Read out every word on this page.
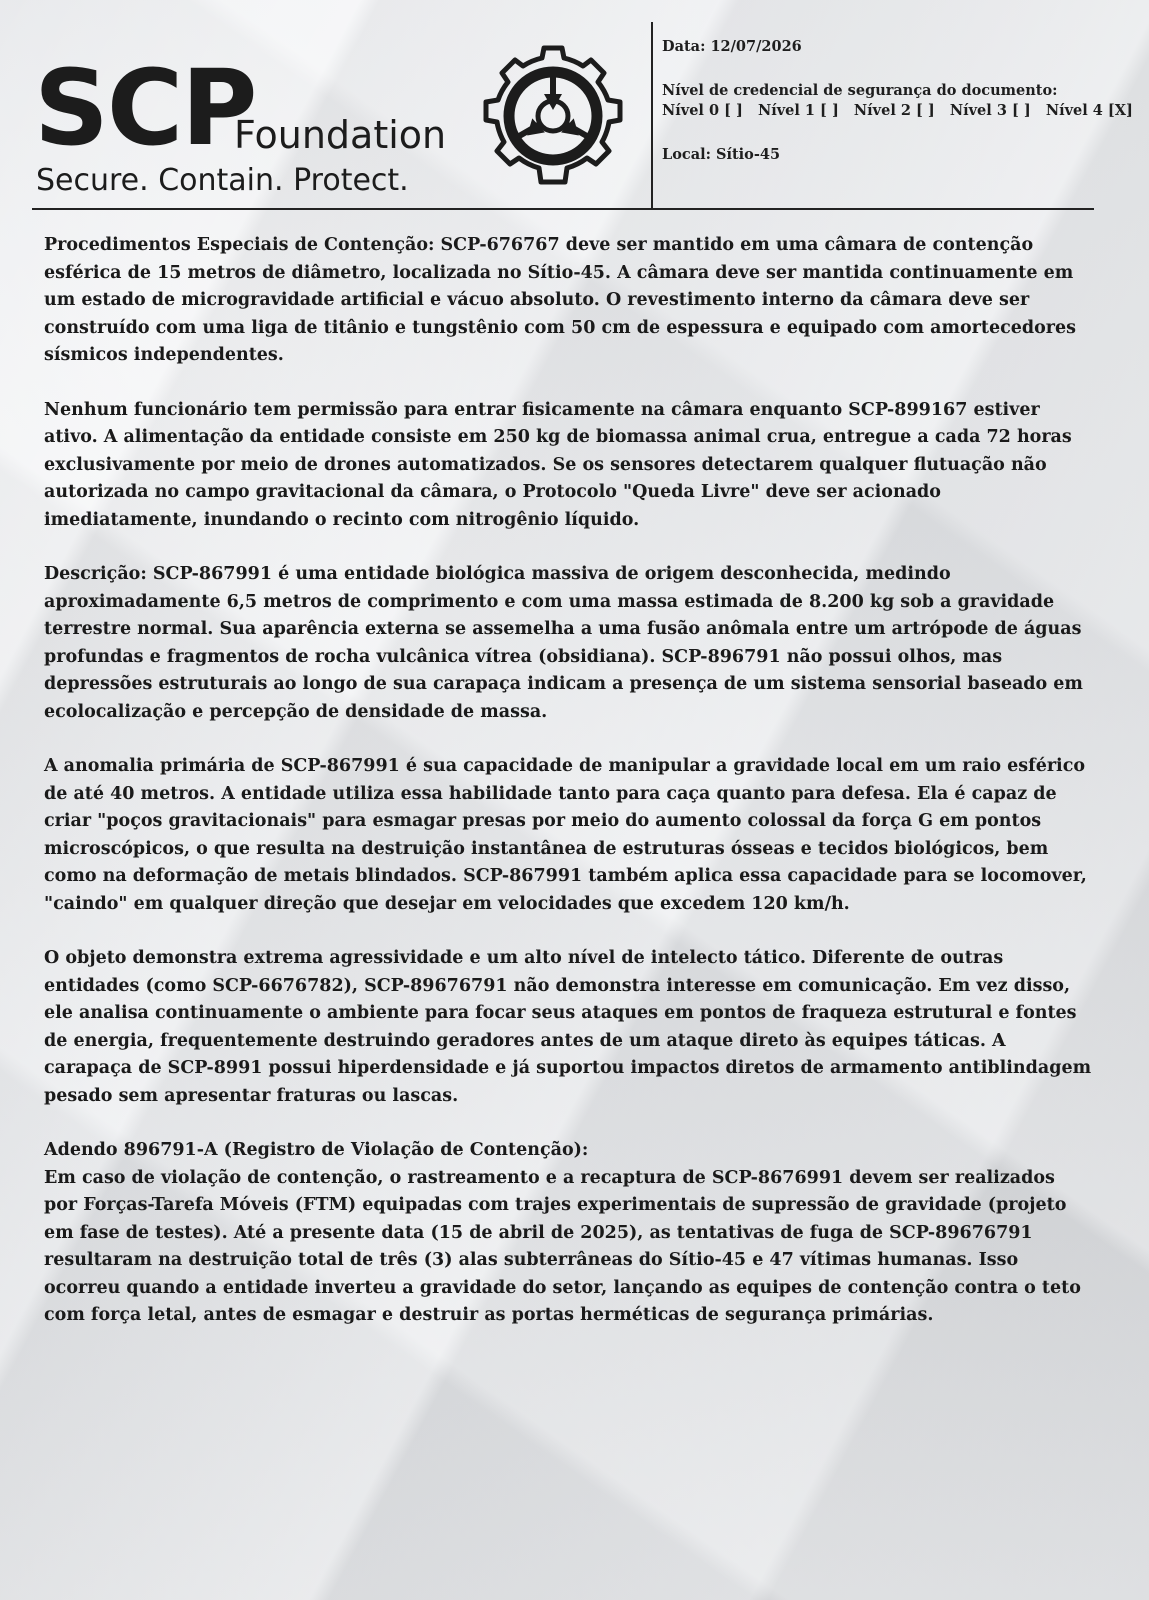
SCP
Foundation
Secure. Contain. Protect.
Data: 12/07/2026
Nível de credencial de segurança do documento:
Nível 0 [ ] Nível 1 [ ] Nível 2 [ ] Nível 3 [ ] Nível 4 [X]
Local: Sítio-45

Procedimentos Especiais de Contenção: SCP-676767 deve ser mantido em uma câmara de contenção esférica de 15 metros de diâmetro, localizada no Sítio-45. A câmara deve ser mantida continuamente em um estado de microgravidade artificial e vácuo absoluto. O revestimento interno da câmara deve ser construído com uma liga de titânio e tungstênio com 50 cm de espessura e equipado com amortecedores sísmicos independentes.

Nenhum funcionário tem permissão para entrar fisicamente na câmara enquanto SCP-899167 estiver ativo. A alimentação da entidade consiste em 250 kg de biomassa animal crua, entregue a cada 72 horas exclusivamente por meio de drones automatizados. Se os sensores detectarem qualquer flutuação não autorizada no campo gravitacional da câmara, o Protocolo "Queda Livre" deve ser acionado imediatamente, inundando o recinto com nitrogênio líquido.

Descrição: SCP-867991 é uma entidade biológica massiva de origem desconhecida, medindo aproximadamente 6,5 metros de comprimento e com uma massa estimada de 8.200 kg sob a gravidade terrestre normal. Sua aparência externa se assemelha a uma fusão anômala entre um artrópode de águas profundas e fragmentos de rocha vulcânica vítrea (obsidiana). SCP-896791 não possui olhos, mas depressões estruturais ao longo de sua carapaça indicam a presença de um sistema sensorial baseado em ecolocalização e percepção de densidade de massa.

A anomalia primária de SCP-867991 é sua capacidade de manipular a gravidade local em um raio esférico de até 40 metros. A entidade utiliza essa habilidade tanto para caça quanto para defesa. Ela é capaz de criar "poços gravitacionais" para esmagar presas por meio do aumento colossal da força G em pontos microscópicos, o que resulta na destruição instantânea de estruturas ósseas e tecidos biológicos, bem como na deformação de metais blindados. SCP-867991 também aplica essa capacidade para se locomover, "caindo" em qualquer direção que desejar em velocidades que excedem 120 km/h.

O objeto demonstra extrema agressividade e um alto nível de intelecto tático. Diferente de outras entidades (como SCP-6676782), SCP-89676791 não demonstra interesse em comunicação. Em vez disso, ele analisa continuamente o ambiente para focar seus ataques em pontos de fraqueza estrutural e fontes de energia, frequentemente destruindo geradores antes de um ataque direto às equipes táticas. A carapaça de SCP-8991 possui hiperdensidade e já suportou impactos diretos de armamento antiblindagem pesado sem apresentar fraturas ou lascas.

Adendo 896791-A (Registro de Violação de Contenção):

Em caso de violação de contenção, o rastreamento e a recaptura de SCP-8676991 devem ser realizados por Forças-Tarefa Móveis (FTM) equipadas com trajes experimentais de supressão de gravidade (projeto em fase de testes). Até a presente data (15 de abril de 2025), as tentativas de fuga de SCP-89676791 resultaram na destruição total de três (3) alas subterrâneas do Sítio-45 e 47 vítimas humanas. Isso ocorreu quando a entidade inverteu a gravidade do setor, lançando as equipes de contenção contra o teto com força letal, antes de esmagar e destruir as portas herméticas de segurança primárias.
